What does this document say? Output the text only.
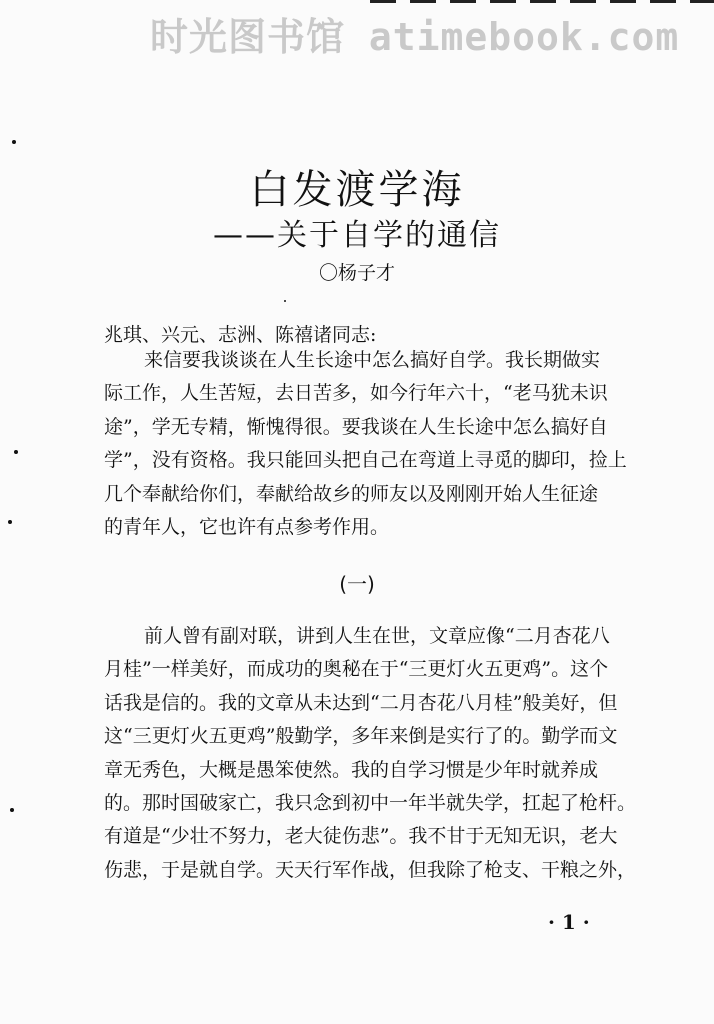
时光图书馆 atimebook.com
白发渡学海
——关于自学的通信
〇杨子才
兆琪、兴元、志洲、陈禧诸同志:
来信要我谈谈在人生长途中怎么搞好自学。我长期做实
际工作，人生苦短，去日苦多，如今行年六十，“老马犹未识
途”，学无专精，惭愧得很。要我谈在人生长途中怎么搞好自
学”，没有资格。我只能回头把自己在弯道上寻觅的脚印，捡上
几个奉献给你们，奉献给故乡的师友以及刚刚开始人生征途
的青年人，它也许有点参考作用。
(一)
前人曾有副对联，讲到人生在世，文章应像“二月杏花八
月桂”一样美好，而成功的奥秘在于“三更灯火五更鸡”。这个
话我是信的。我的文章从未达到“二月杏花八月桂”般美好，但
这“三更灯火五更鸡”般勤学，多年来倒是实行了的。勤学而文
章无秀色，大概是愚笨使然。我的自学习惯是少年时就养成
的。那时国破家亡，我只念到初中一年半就失学，扛起了枪杆。
有道是“少壮不努力，老大徒伤悲”。我不甘于无知无识，老大
伤悲，于是就自学。天天行军作战，但我除了枪支、干粮之外，
· 1 ·
